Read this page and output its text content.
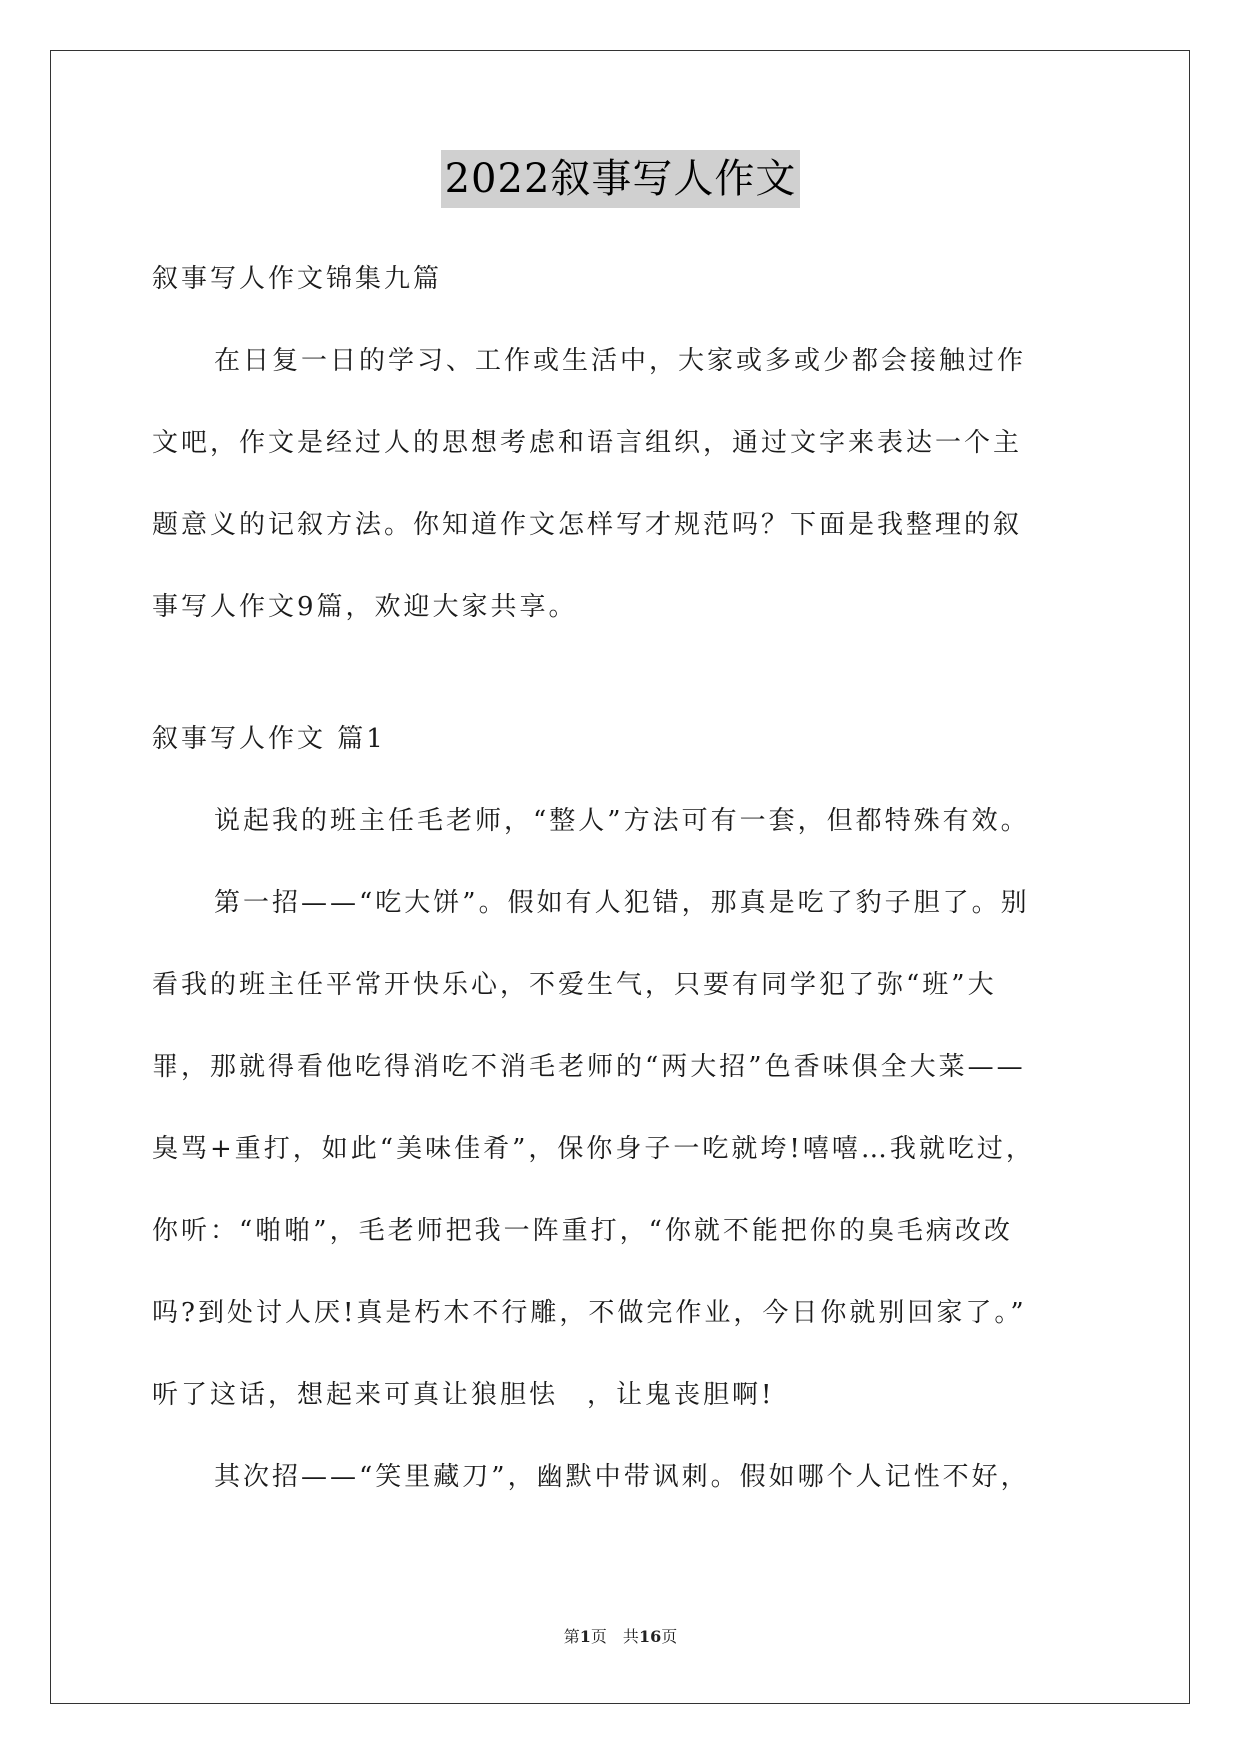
2022叙事写人作文
叙事写人作文锦集九篇
在日复一日的学习、工作或生活中，大家或多或少都会接触过作
文吧，作文是经过人的思想考虑和语言组织，通过文字来表达一个主
题意义的记叙方法。你知道作文怎样写才规范吗？下面是我整理的叙
事写人作文9篇，欢迎大家共享。
叙事写人作文 篇1
说起我的班主任毛老师，“整人”方法可有一套，但都特殊有效。
第一招——“吃大饼”。假如有人犯错，那真是吃了豹子胆了。别
看我的班主任平常开快乐心，不爱生气，只要有同学犯了弥“班”大
罪，那就得看他吃得消吃不消毛老师的“两大招”色香味俱全大菜——
臭骂+重打，如此“美味佳肴”，保你身子一吃就垮!嘻嘻…我就吃过，
你听：“啪啪”，毛老师把我一阵重打，“你就不能把你的臭毛病改改
吗?到处讨人厌!真是朽木不行雕，不做完作业，今日你就别回家了。”
听了这话，想起来可真让狼胆怯　，让鬼丧胆啊!
其次招——“笑里藏刀”，幽默中带讽刺。假如哪个人记性不好，
第1页　共16页
